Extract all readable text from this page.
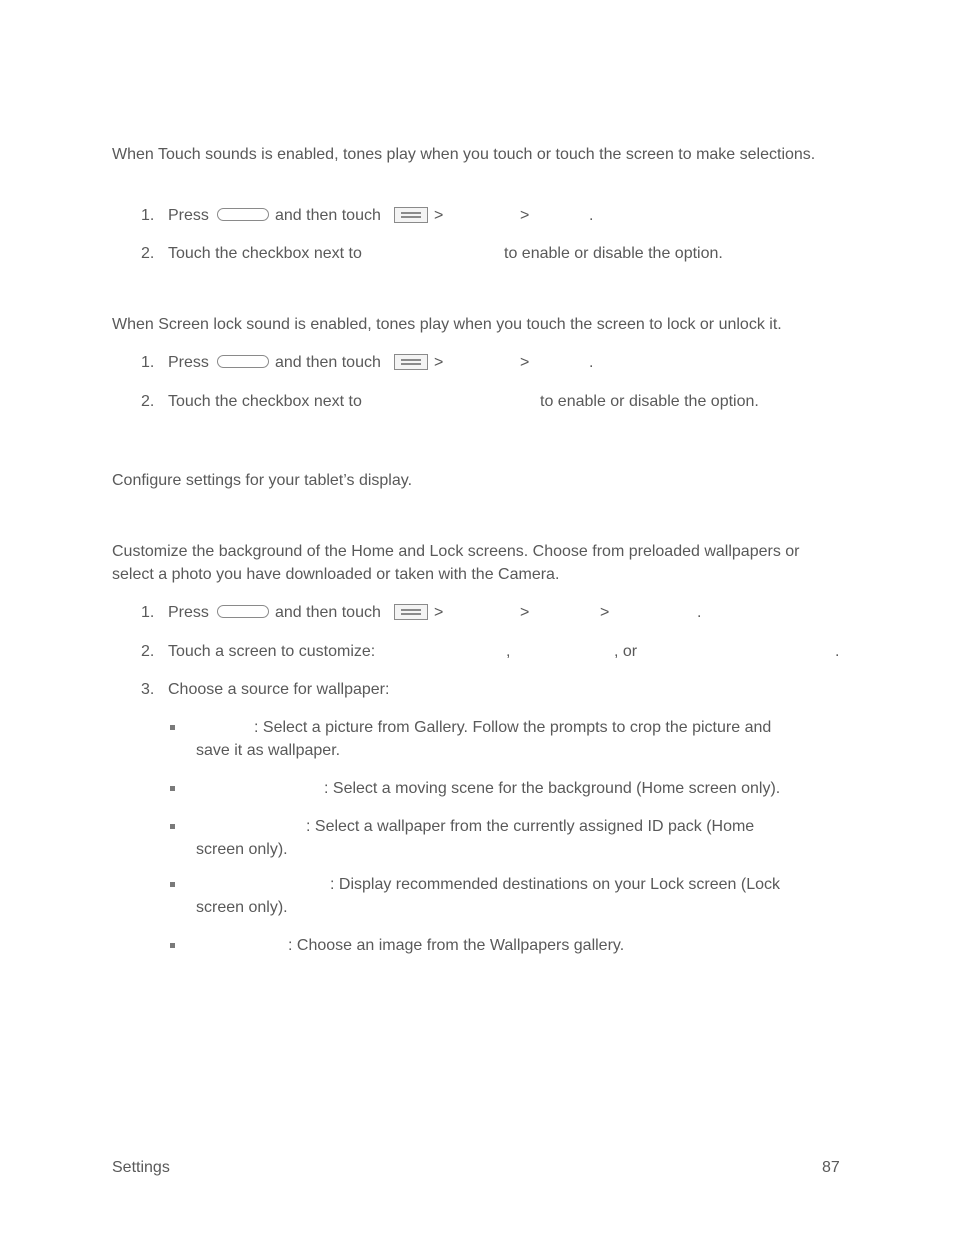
When Touch sounds is enabled, tones play when you touch or touch the screen to make selections.
1. Press	and then touch	>	>	.
2. Touch the checkbox next to	to enable or disable the option.
When Screen lock sound is enabled, tones play when you touch the screen to lock or unlock it.
1. Press	and then touch	>	>	.
2. Touch the checkbox next to	to enable or disable the option.
Configure settings for your tablet’s display.
Customize the background of the Home and Lock screens. Choose from preloaded wallpapers or select a photo you have downloaded or taken with the Camera.
1. Press	and then touch	>	>	>	.
2. Touch a screen to customize:	,	, or	.
3. Choose a source for wallpaper:
: Select a picture from Gallery. Follow the prompts to crop the picture and
save it as wallpaper.
: Select a moving scene for the background (Home screen only).
: Select a wallpaper from the currently assigned ID pack (Home
screen only).
: Display recommended destinations on your Lock screen (Lock
screen only).
: Choose an image from the Wallpapers gallery.
Settings	87
